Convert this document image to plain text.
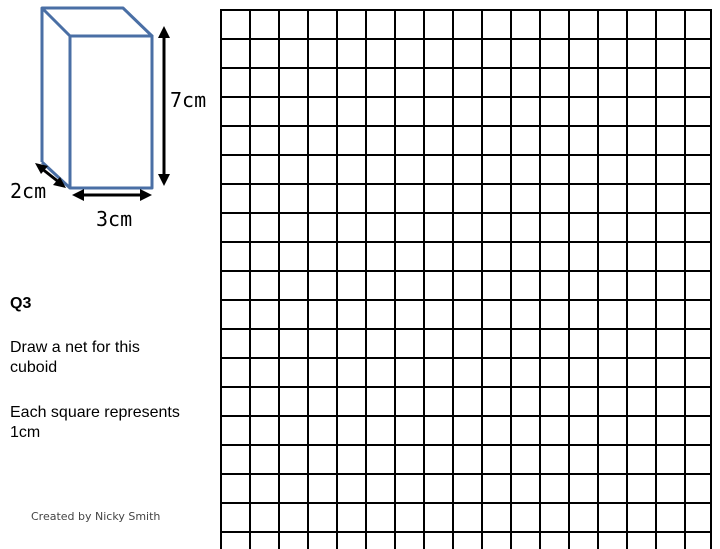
7cm
2cm
3cm
Q3
Draw a net for this cuboid
Each square represents 1cm
Created by Nicky Smith
